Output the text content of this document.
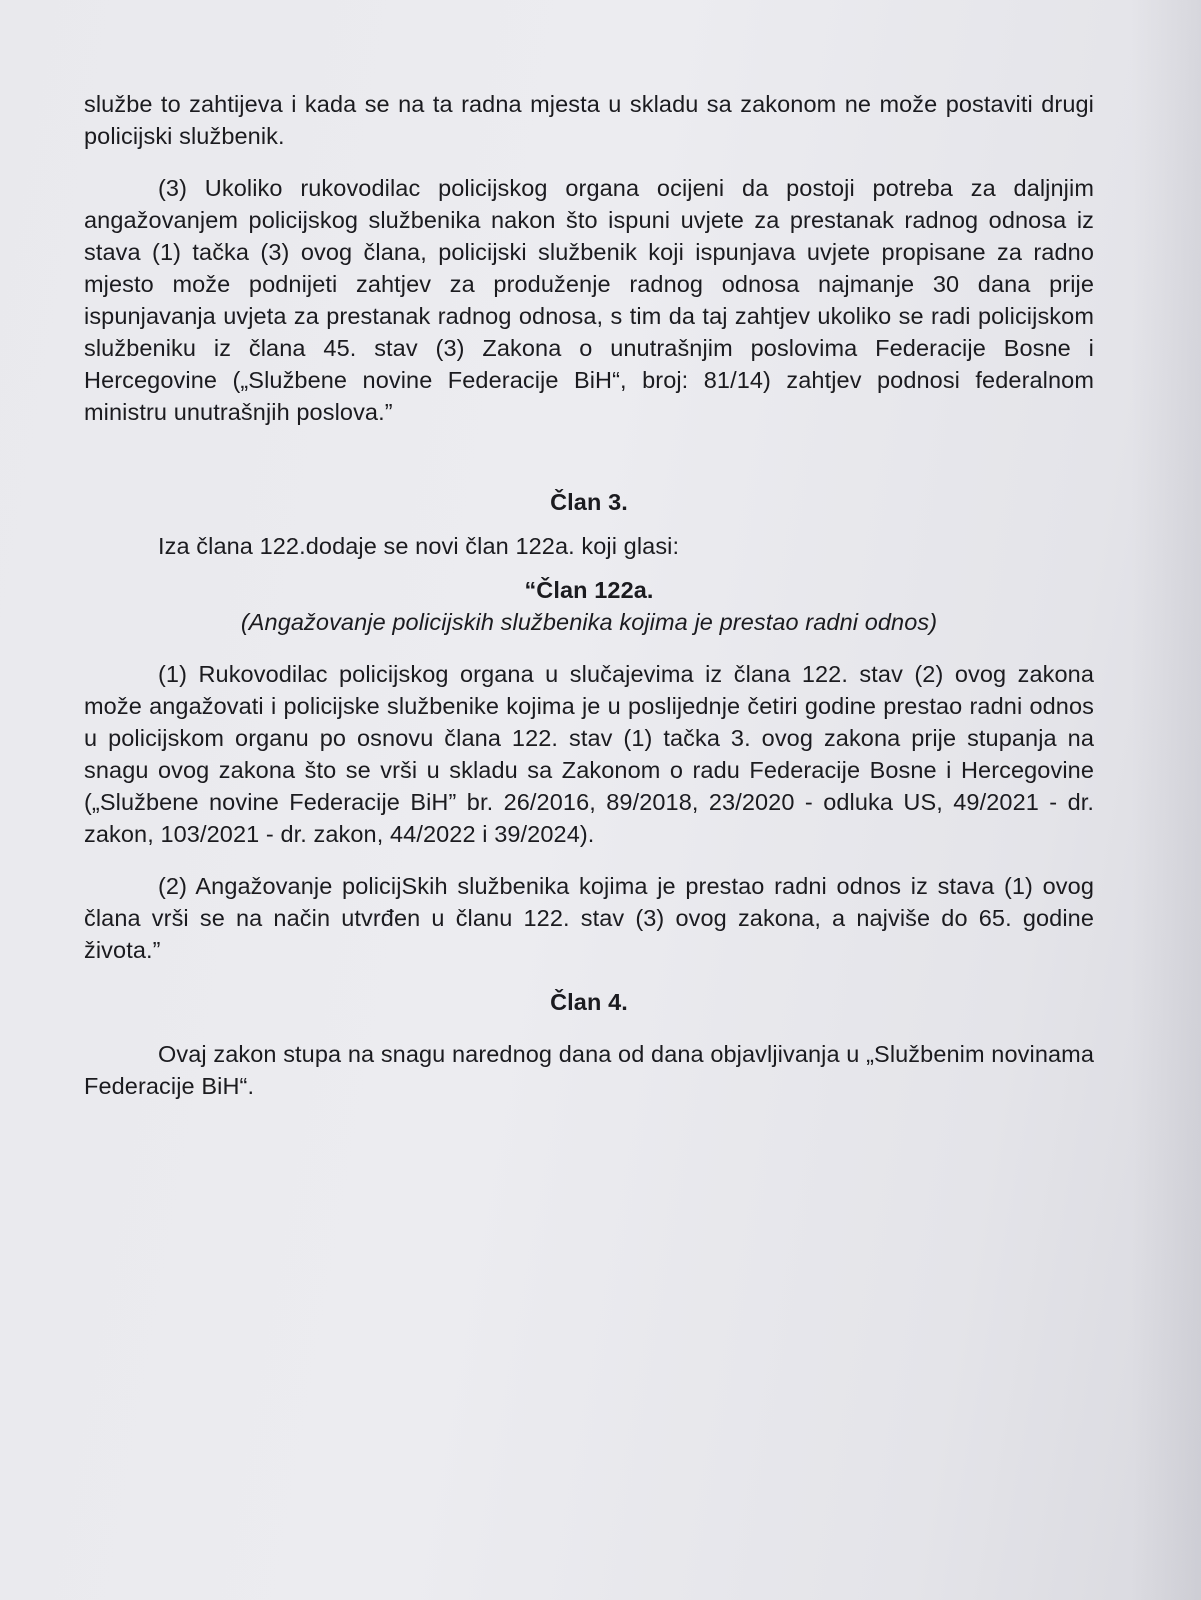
službe to zahtijeva i kada se na ta radna mjesta u skladu sa zakonom ne može postaviti drugi policijski službenik.

(3) Ukoliko rukovodilac policijskog organa ocijeni da postoji potreba za daljnjim angažovanjem policijskog službenika nakon što ispuni uvjete za prestanak radnog odnosa iz stava (1) tačka (3) ovog člana, policijski službenik koji ispunjava uvjete propisane za radno mjesto može podnijeti zahtjev za produženje radnog odnosa najmanje 30 dana prije ispunjavanja uvjeta za prestanak radnog odnosa, s tim da taj zahtjev ukoliko se radi policijskom službeniku iz člana 45. stav (3) Zakona o unutrašnjim poslovima Federacije Bosne i Hercegovine („Službene novine Federacije BiH“, broj: 81/14) zahtjev podnosi federalnom ministru unutrašnjih poslova.”

Član 3.

Iza člana 122.dodaje se novi član 122a. koji glasi:

“Član 122a.

(Angažovanje policijskih službenika kojima je prestao radni odnos)

(1) Rukovodilac policijskog organa u slučajevima iz člana 122. stav (2) ovog zakona može angažovati i policijske službenike kojima je u poslijednje četiri godine prestao radni odnos u policijskom organu po osnovu člana 122. stav (1) tačka 3. ovog zakona prije stupanja na snagu ovog zakona što se vrši u skladu sa Zakonom o radu Federacije Bosne i Hercegovine („Službene novine Federacije BiH” br. 26/2016, 89/2018, 23/2020 - odluka US, 49/2021 - dr. zakon, 103/2021 - dr. zakon, 44/2022 i 39/2024).

(2) Angažovanje policijSkih službenika kojima je prestao radni odnos iz stava (1) ovog člana vrši se na način utvrđen u članu 122. stav (3) ovog zakona, a najviše do 65. godine života.”

Član 4.

Ovaj zakon stupa na snagu narednog dana od dana objavljivanja u „Službenim novinama Federacije BiH“.
